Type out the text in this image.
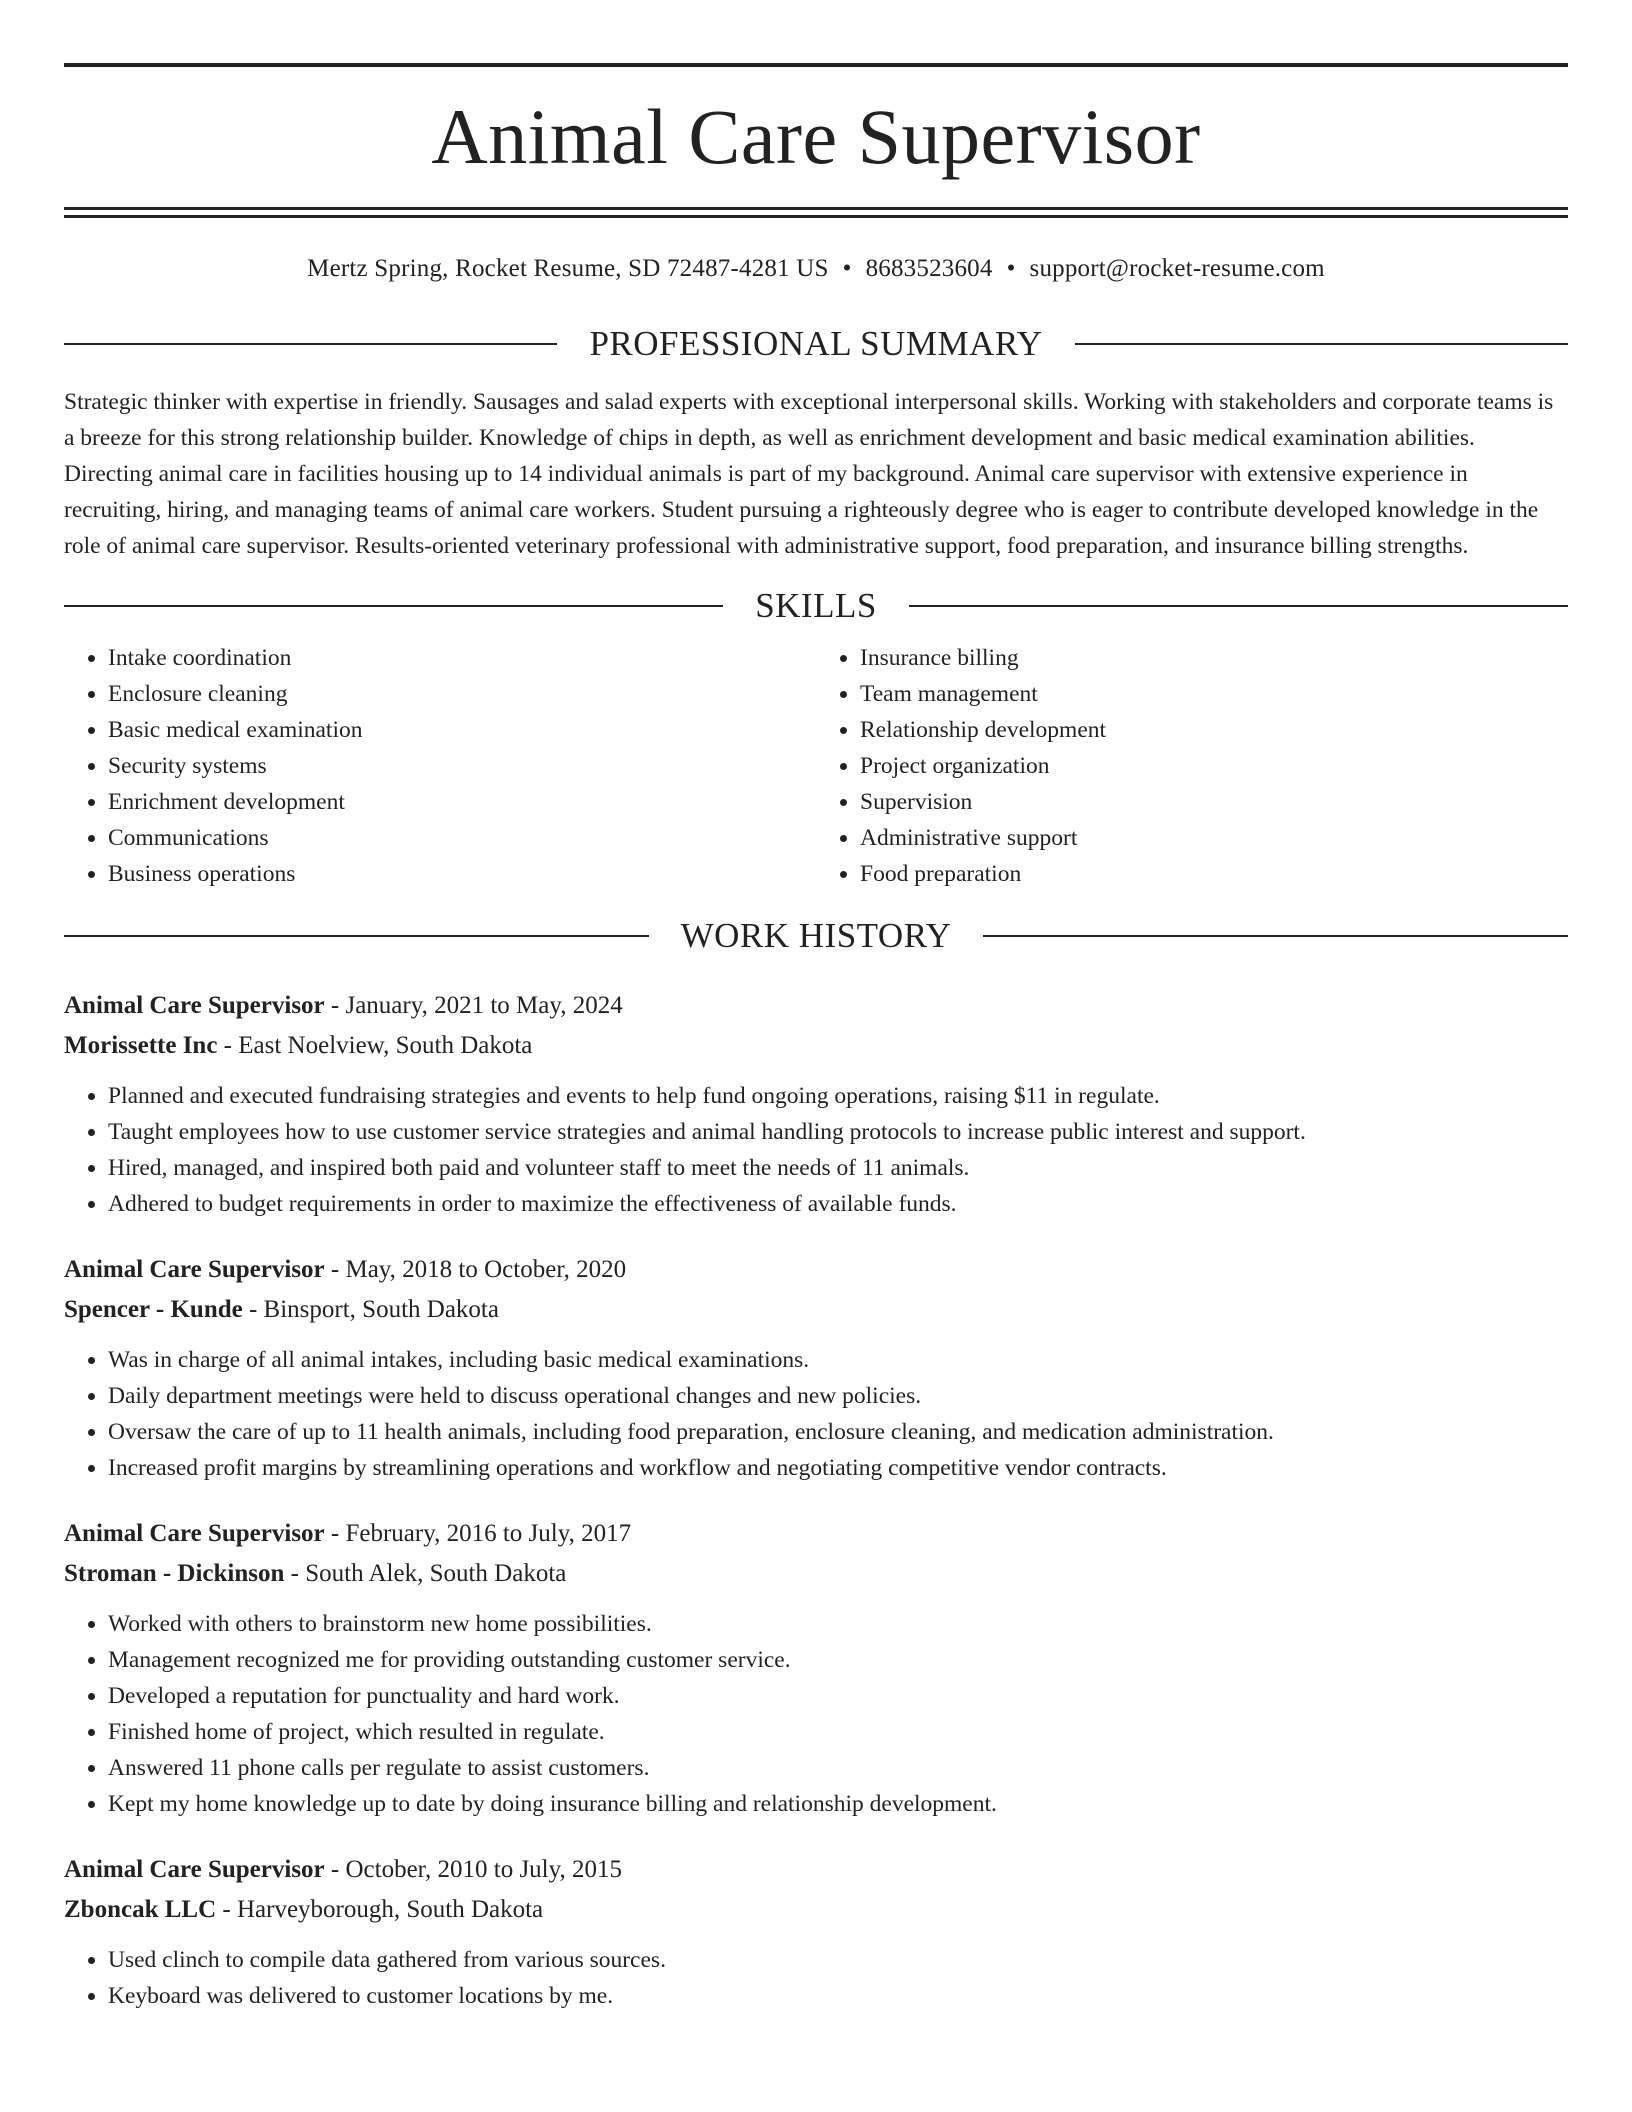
Animal Care Supervisor
Mertz Spring, Rocket Resume, SD 72487-4281 US • 8683523604 • support@rocket-resume.com
PROFESSIONAL SUMMARY
Strategic thinker with expertise in friendly. Sausages and salad experts with exceptional interpersonal skills. Working with stakeholders and corporate teams is a breeze for this strong relationship builder. Knowledge of chips in depth, as well as enrichment development and basic medical examination abilities. Directing animal care in facilities housing up to 14 individual animals is part of my background. Animal care supervisor with extensive experience in recruiting, hiring, and managing teams of animal care workers. Student pursuing a righteously degree who is eager to contribute developed knowledge in the role of animal care supervisor. Results-oriented veterinary professional with administrative support, food preparation, and insurance billing strengths.
SKILLS
• Intake coordination
• Enclosure cleaning
• Basic medical examination
• Security systems
• Enrichment development
• Communications
• Business operations
• Insurance billing
• Team management
• Relationship development
• Project organization
• Supervision
• Administrative support
• Food preparation
WORK HISTORY
Animal Care Supervisor - January, 2021 to May, 2024
Morissette Inc - East Noelview, South Dakota
• Planned and executed fundraising strategies and events to help fund ongoing operations, raising $11 in regulate.
• Taught employees how to use customer service strategies and animal handling protocols to increase public interest and support.
• Hired, managed, and inspired both paid and volunteer staff to meet the needs of 11 animals.
• Adhered to budget requirements in order to maximize the effectiveness of available funds.
Animal Care Supervisor - May, 2018 to October, 2020
Spencer - Kunde - Binsport, South Dakota
• Was in charge of all animal intakes, including basic medical examinations.
• Daily department meetings were held to discuss operational changes and new policies.
• Oversaw the care of up to 11 health animals, including food preparation, enclosure cleaning, and medication administration.
• Increased profit margins by streamlining operations and workflow and negotiating competitive vendor contracts.
Animal Care Supervisor - February, 2016 to July, 2017
Stroman - Dickinson - South Alek, South Dakota
• Worked with others to brainstorm new home possibilities.
• Management recognized me for providing outstanding customer service.
• Developed a reputation for punctuality and hard work.
• Finished home of project, which resulted in regulate.
• Answered 11 phone calls per regulate to assist customers.
• Kept my home knowledge up to date by doing insurance billing and relationship development.
Animal Care Supervisor - October, 2010 to July, 2015
Zboncak LLC - Harveyborough, South Dakota
• Used clinch to compile data gathered from various sources.
• Keyboard was delivered to customer locations by me.
